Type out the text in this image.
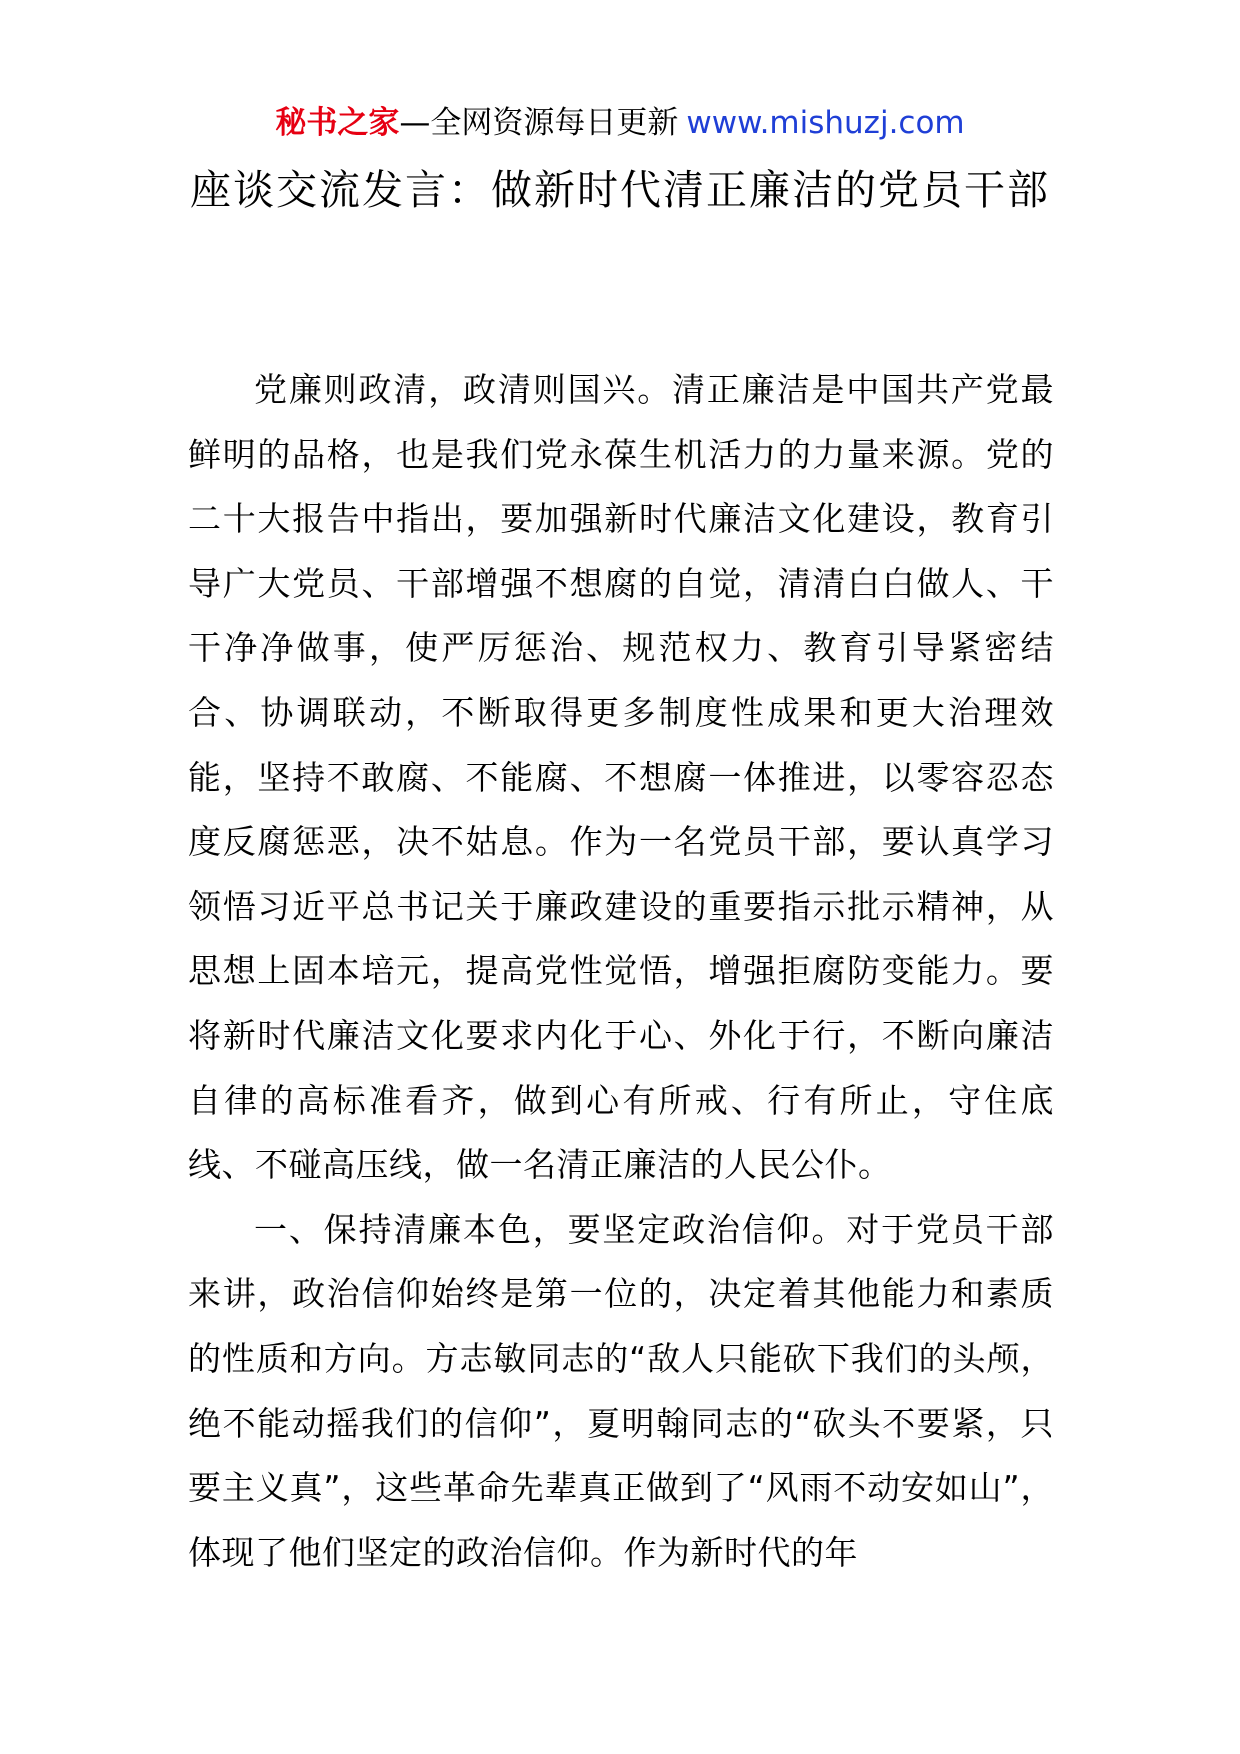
秘书之家—全网资源每日更新 www.mishuzj.com
座谈交流发言：做新时代清正廉洁的党员干部

党廉则政清，政清则国兴。清正廉洁是中国共产党最鲜明的品格，也是我们党永葆生机活力的力量来源。党的二十大报告中指出，要加强新时代廉洁文化建设，教育引导广大党员、干部增强不想腐的自觉，清清白白做人、干干净净做事，使严厉惩治、规范权力、教育引导紧密结合、协调联动，不断取得更多制度性成果和更大治理效能，坚持不敢腐、不能腐、不想腐一体推进，以零容忍态度反腐惩恶，决不姑息。作为一名党员干部，要认真学习领悟习近平总书记关于廉政建设的重要指示批示精神，从思想上固本培元，提高党性觉悟，增强拒腐防变能力。要将新时代廉洁文化要求内化于心、外化于行，不断向廉洁自律的高标准看齐，做到心有所戒、行有所止，守住底线、不碰高压线，做一名清正廉洁的人民公仆。

一、保持清廉本色，要坚定政治信仰。对于党员干部来讲，政治信仰始终是第一位的，决定着其他能力和素质的性质和方向。方志敏同志的“敌人只能砍下我们的头颅，绝不能动摇我们的信仰”，夏明翰同志的“砍头不要紧，只要主义真”，这些革命先辈真正做到了“风雨不动安如山”，体现了他们坚定的政治信仰。作为新时代的年
